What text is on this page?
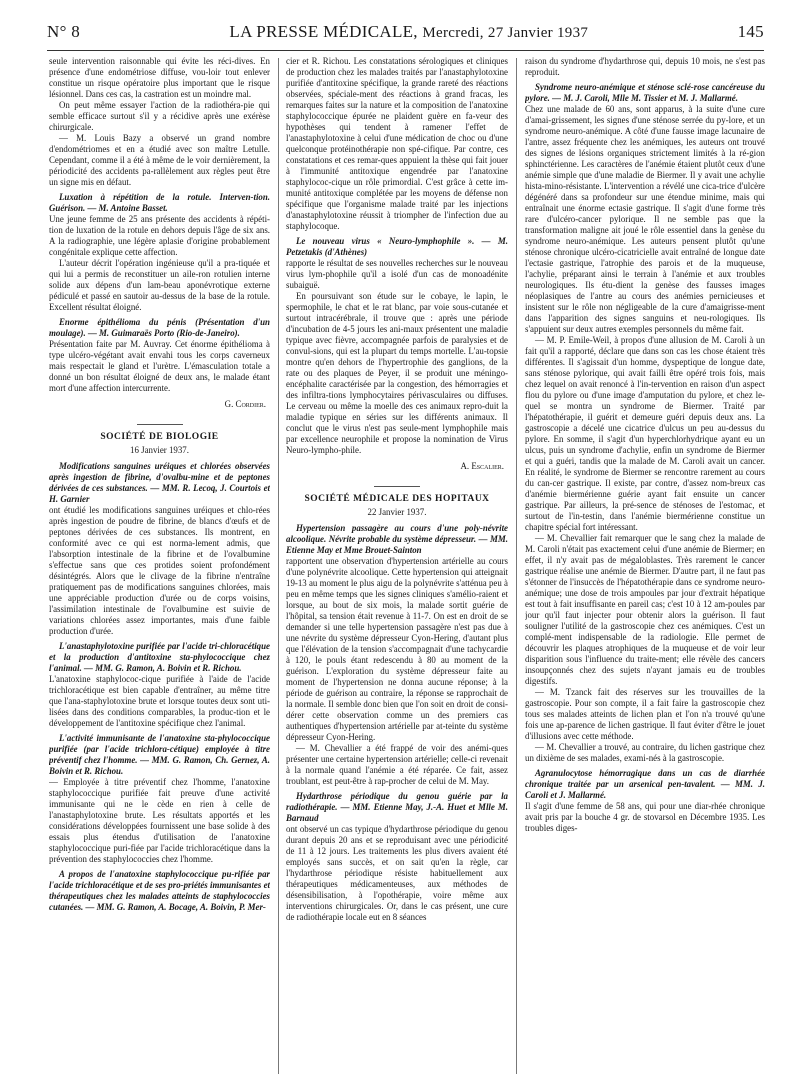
N° 8	LA PRESSE MÉDICALE, Mercredi, 27 Janvier 1937	145

seule intervention raisonnable qui évite les réci-dives. En présence d'une endométriose diffuse, vou-loir tout enlever constitue un risque opératoire plus important que le risque lésionnel. Dans ces cas, la castration est un moindre mal.

On peut même essayer l'action de la radiothéra-pie qui semble efficace surtout s'il y a récidive après une exérèse chirurgicale.

— M. Louis Bazy a observé un grand nombre d'endométriomes et en a étudié avec son maître Letulle. Cependant, comme il a été à même de le voir dernièrement, la périodicité des accidents pa-rallèlement aux règles peut être un signe mis en défaut.

Luxation à répétition de la rotule. Interven-tion. Guérison. — M. Antoine Basset.

Une jeune femme de 25 ans présente des accidents à répéti-tion de luxation de la rotule en dehors depuis l'âge de six ans. A la radiographie, une légère aplasie d'origine probablement congénitale explique cette affection.

L'auteur décrit l'opération ingénieuse qu'il a pra-tiquée et qui lui a permis de reconstituer un aile-ron rotulien interne solide aux dépens d'un lam-beau aponévrotique externe pédiculé et passé en sautoir au-dessus de la base de la rotule. Excellent résultat éloigné.

Enorme épithélioma du pénis (Présentation d'un moulage). — M. Guimaraës Porto (Rio-de-Janeiro).

Présentation faite par M. Auvray. Cet énorme épithélioma à type ulcéro-végétant avait envahi tous les corps caverneux mais respectait le gland et l'urètre. L'émasculation totale a donné un bon résultat éloigné de deux ans, le malade étant mort d'une affection intercurrente.

G. Cordier.

SOCIÉTÉ DE BIOLOGIE

16 Janvier 1937.

Modifications sanguines uréiques et chlorées observées après ingestion de fibrine, d'ovalbu-mine et de peptones dérivées de ces substances. — MM. R. Lecoq, J. Courtois et H. Garnier

ont étudié les modifications sanguines uréiques et chlo-rées après ingestion de poudre de fibrine, de blancs d'œufs et de peptones dérivées de ces substances. Ils montrent, en conformité avec ce qui est norma-lement admis, que l'absorption intestinale de la fibrine et de l'ovalbumine s'effectue sans que ces protides soient profondément désintégrés. Alors que le clivage de la fibrine n'entraîne pratiquement pas de modifications sanguines chlorées, mais une appréciable production d'urée ou de corps voisins, l'assimilation intestinale de l'ovalbumine est suivie de variations chlorées assez importantes, mais d'une faible production d'urée.

L'anastaphylotoxine purifiée par l'acide tri-chloracétique et la production d'antitoxine sta-phylococcique chez l'animal. — MM. G. Ramon, A. Boivin et R. Richou.

L'anatoxine staphylococ-cique purifiée à l'aide de l'acide trichloracétique est bien capable d'entraîner, au même titre que l'ana-staphylotoxine brute et lorsque toutes deux sont uti-lisées dans des conditions comparables, la produc-tion et le développement de l'antitoxine spécifique chez l'animal.

L'activité immunisante de l'anatoxine sta-phylococcique purifiée (par l'acide trichlora-cétique) employée à titre préventif chez l'homme. — MM. G. Ramon, Ch. Gernez, A. Boivin et R. Richou.

— Employée à titre préventif chez l'homme, l'anatoxine staphylococcique purifiée fait preuve d'une activité immunisante qui ne le cède en rien à celle de l'anastaphylotoxine brute. Les résultats apportés et les considérations développées fournissent une base solide à des essais plus étendus d'utilisation de l'anatoxine staphylococcique puri-fiée par l'acide trichloracétique dans la prévention des staphylococcies chez l'homme.

A propos de l'anatoxine staphylococcique pu-rifiée par l'acide trichloracétique et de ses pro-priétés immunisantes et thérapeutiques chez les malades atteints de staphylococcies cutanées. — MM. G. Ramon, A. Bocage, A. Boivin, P. Mer-

cier et R. Richou. Les constatations sérologiques et cliniques de production chez les malades traités par l'anastaphylotoxine purifiée d'antitoxine spécifique, la grande rareté des réactions observées, spéciale-ment des réactions à grand fracas, les remarques faites sur la nature et la composition de l'anatoxine staphylococcique épurée ne plaident guère en fa-veur des hypothèses qui tendent à ramener l'effet de l'anastaphylotoxine à celui d'une médication de choc ou d'une quelconque protéinothérapie non spé-cifique. Par contre, ces constatations et ces remar-ques appuient la thèse qui fait jouer à l'immunité antitoxique engendrée par l'anatoxine staphylococ-cique un rôle primordial. C'est grâce à cette im-munité antitoxique complétée par les moyens de défense non spécifique que l'organisme malade traité par les injections d'anastaphylotoxine réussit à triompher de l'infection due au staphylocoque.

Le nouveau virus « Neuro-lymphophile ». — M. Petzetakis (d'Athènes)

rapporte le résultat de ses nouvelles recherches sur le nouveau virus lym-phophile qu'il a isolé d'un cas de monoadénite subaiguë.

En poursuivant son étude sur le cobaye, le lapin, le spermophile, le chat et le rat blanc, par voie sous-cutanée et surtout intracérébrale, il trouve que : après une période d'incubation de 4-5 jours les ani-maux présentent une maladie typique avec fièvre, accompagnée parfois de paralysies et de convul-sions, qui est la plupart du temps mortelle. L'au-topsie montre qu'en dehors de l'hypertrophie des ganglions, de la rate ou des plaques de Peyer, il se produit une méningo-encéphalite caractérisée par la congestion, des hémorragies et des infiltra-tions lymphocytaires périvasculaires ou diffuses. Le cerveau ou même la moelle des ces animaux repro-duit la maladie typique en séries sur les différents animaux. Il conclut que le virus n'est pas seule-ment lymphophile mais par excellence neurophile et propose la nomination de Virus Neuro-lympho-phile.

A. Escalier.

SOCIÉTÉ MÉDICALE DES HOPITAUX

22 Janvier 1937.

Hypertension passagère au cours d'une poly-névrite alcoolique. Névrite probable du système dépresseur. — MM. Etienne May et Mme Brouet-Sainton

rapportent une observation d'hypertension artérielle au cours d'une polynévrite alcoolique. Cette hypertension qui atteignait 19-13 au moment le plus aigu de la polynévrite s'atténua peu à peu en même temps que les signes cliniques s'amélio-raient et lorsque, au bout de six mois, la malade sortit guérie de l'hôpital, sa tension était revenue à 11-7. On est en droit de se demander si une telle hypertension passagère n'est pas due à une névrite du système dépresseur Cyon-Hering, d'autant plus que l'élévation de la tension s'accompagnait d'une tachycardie à 120, le pouls étant redescendu à 80 au moment de la guérison. L'exploration du système dépresseur faite au moment de l'hypertension ne donna aucune réponse; à la période de guérison au contraire, la réponse se rapprochait de la normale. Il semble donc bien que l'on soit en droit de consi-dérer cette observation comme un des premiers cas authentiques d'hypertension artérielle par at-teinte du système dépresseur Cyon-Hering.

— M. Chevallier a été frappé de voir des anémi-ques présenter une certaine hypertension artérielle; celle-ci revenait à la normale quand l'anémie a été réparée. Ce fait, assez troublant, est peut-être à rap-procher de celui de M. May.

Hydarthrose périodique du genou guérie par la radiothérapie. — MM. Etienne May, J.-A. Huet et Mlle M. Barnaud

ont observé un cas typique d'hydarthrose périodique du genou durant depuis 20 ans et se reproduisant avec une périodicité de 11 à 12 jours. Les traitements les plus divers avaient été employés sans succès, et on sait qu'en la règle, car l'hydarthrose périodique résiste habituellement aux thérapeutiques médicamenteuses, aux méthodes de désensibilisation, à l'opothérapie, voire même aux interventions chirurgicales. Or, dans le cas présent, une cure de radiothérapie locale eut en 8 séances

raison du syndrome d'hydarthrose qui, depuis 10 mois, ne s'est pas reproduit.

Syndrome neuro-anémique et sténose sclé-rose cancéreuse du pylore. — M. J. Caroli, Mlle M. Tissier et M. J. Mallarmé.

Chez une malade de 60 ans, sont apparus, à la suite d'une cure d'amai-grissement, les signes d'une sténose serrée du py-lore, et un syndrome neuro-anémique. A côté d'une fausse image lacunaire de l'antre, assez fréquente chez les anémiques, les auteurs ont trouvé des signes de lésions organiques strictement limités à la ré-gion sphinctérienne. Les caractères de l'anémie étaient plutôt ceux d'une anémie simple que d'une maladie de Biermer. Il y avait une achylie hista-mino-résistante. L'intervention a révélé une cica-trice d'ulcère dégénéré dans sa profondeur sur une étendue minime, mais qui entraînait une énorme ectasie gastrique. Il s'agit d'une forme très rare d'ulcéro-cancer pylorique. Il ne semble pas que la transformation maligne ait joué le rôle essentiel dans la genèse du syndrome neuro-anémique. Les auteurs pensent plutôt qu'une sténose chronique ulcéro-cicatricielle avait entraîné de longue date l'ectasie gastrique, l'atrophie des parois et de la muqueuse, l'achylie, préparant ainsi le terrain à l'anémie et aux troubles neurologiques. Ils étu-dient la genèse des fausses images néoplasiques de l'antre au cours des anémies pernicieuses et insistent sur le rôle non négligeable de la cure d'amaigrisse-ment dans l'apparition des signes sanguins et neu-rologiques. Ils s'appuient sur deux autres exemples personnels du même fait.

— M. P. Emile-Weil, à propos d'une allusion de M. Caroli à un fait qu'il a rapporté, déclare que dans son cas les chose étaient très différentes. Il s'agissait d'un homme, dyspeptique de longue date, sans sténose pylorique, qui avait failli être opéré trois fois, mais chez lequel on avait renoncé à l'in-tervention en raison d'un aspect flou du pylore ou d'une image d'amputation du pylore, et chez le-quel se montra un syndrome de Biermer. Traité par l'hépatothérapie, il guérit et demeure guéri depuis deux ans. La gastroscopie a décelé une cicatrice d'ulcus un peu au-dessus du pylore. En somme, il s'agit d'un hyperchlorhydrique ayant eu un ulcus, puis un syndrome d'achylie, enfin un syndrome de Biermer et qui a guéri, tandis que la malade de M. Caroli avait un cancer. En réalité, le syndrome de Biermer se rencontre rarement au cours du can-cer gastrique. Il existe, par contre, d'assez nom-breux cas d'anémie biermérienne guérie ayant fait ensuite un cancer gastrique. Par ailleurs, la pré-sence de sténoses de l'estomac, et surtout de l'in-testin, dans l'anémie biermérienne constitue un chapitre spécial fort intéressant.

— M. Chevallier fait remarquer que le sang chez la malade de M. Caroli n'était pas exactement celui d'une anémie de Biermer; en effet, il n'y avait pas de mégaloblastes. Très rarement le cancer gastrique réalise une anémie de Biermer. D'autre part, il ne faut pas s'étonner de l'insuccès de l'hépatothérapie dans ce syndrome neuro-anémique; une dose de trois ampoules par jour d'extrait hépatique est tout à fait insuffisante en pareil cas; c'est 10 à 12 am-poules par jour qu'il faut injecter pour obtenir alors la guérison. Il faut souligner l'utilité de la gastroscopie chez ces anémiques. C'est un complé-ment indispensable de la radiologie. Elle permet de découvrir les plaques atrophiques de la muqueuse et de voir leur disparition sous l'influence du traite-ment; elle révèle des cancers insoupçonnés chez des sujets n'ayant jamais eu de troubles digestifs.

— M. Tzanck fait des réserves sur les trouvailles de la gastroscopie. Pour son compte, il a fait faire la gastroscopie chez tous ses malades atteints de lichen plan et l'on n'a trouvé qu'une fois une ap-parence de lichen gastrique. Il faut éviter d'être le jouet d'illusions avec cette méthode.

— M. Chevallier a trouvé, au contraire, du lichen gastrique chez un dixième de ses malades, exami-nés à la gastroscopie.

Agranulocytose hémorragique dans un cas de diarrhée chronique traitée par un arsenical pen-tavalent. — MM. J. Caroli et J. Mallarmé.

Il s'agit d'une femme de 58 ans, qui pour une diar-rhée chronique avait pris par la bouche 4 gr. de stovarsol en Décembre 1935. Les troubles diges-
